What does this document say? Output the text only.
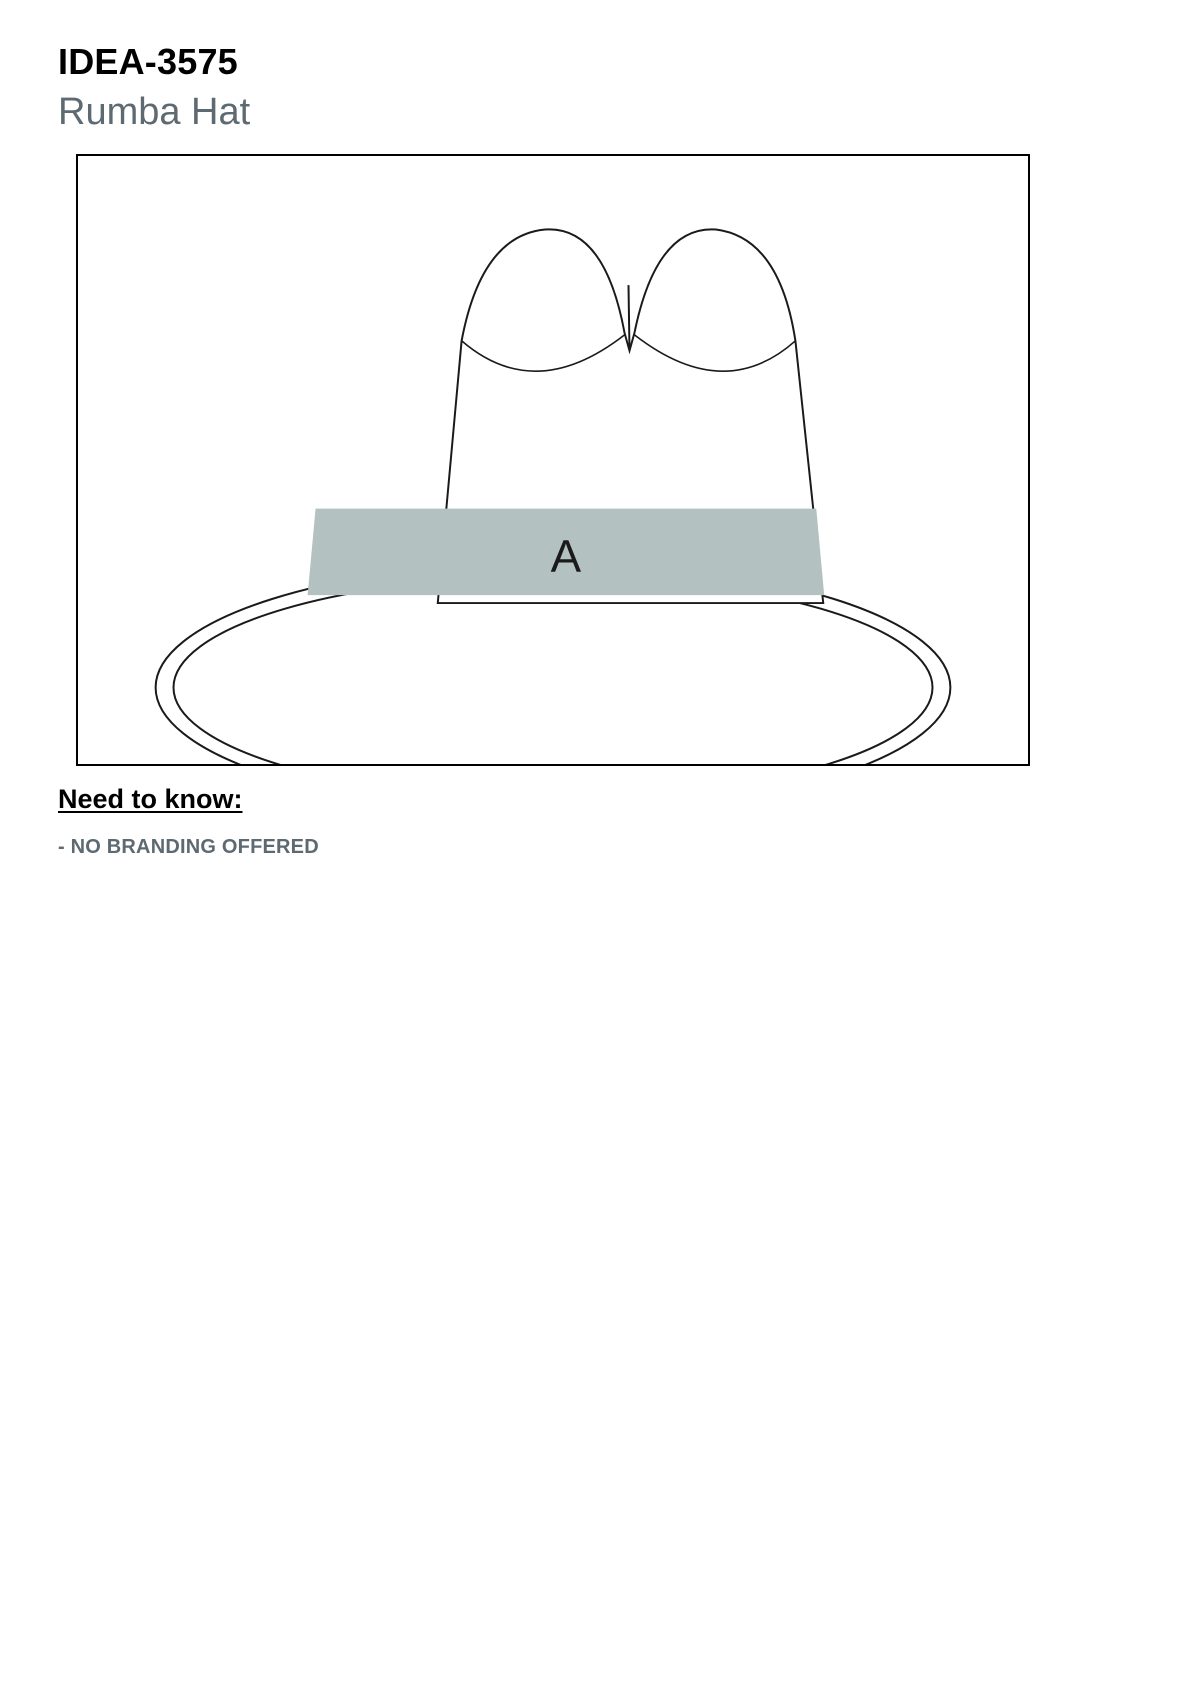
IDEA-3575
Rumba Hat
A
Need to know:
- NO BRANDING OFFERED
